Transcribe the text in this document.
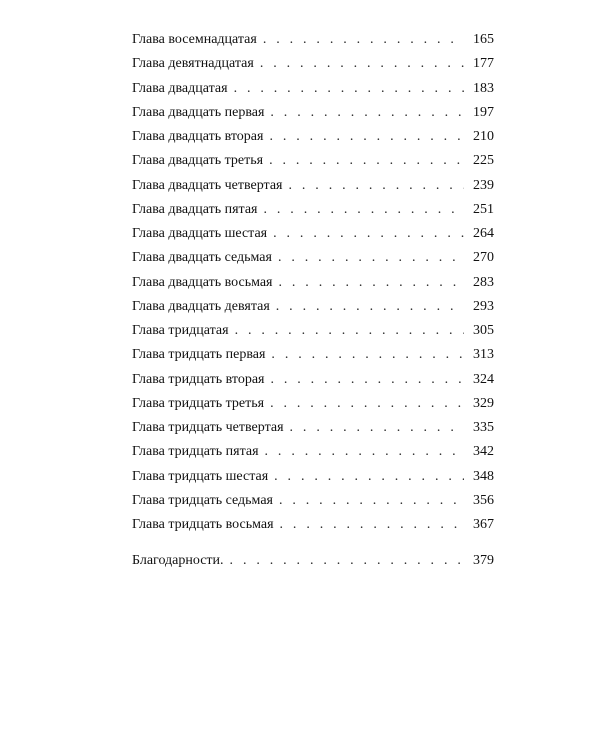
Глава восемнадцатая . . .	165
Глава девятнадцатая . . .	177
Глава двадцатая . . .	183
Глава двадцать первая . . .	197
Глава двадцать вторая . . .	210
Глава двадцать третья . . .	225
Глава двадцать четвертая . . .	239
Глава двадцать пятая . . .	251
Глава двадцать шестая . . .	264
Глава двадцать седьмая . . .	270
Глава двадцать восьмая . . .	283
Глава двадцать девятая . . .	293
Глава тридцатая . . .	305
Глава тридцать первая . . .	313
Глава тридцать вторая . . .	324
Глава тридцать третья . . .	329
Глава тридцать четвертая . . .	335
Глава тридцать пятая . . .	342
Глава тридцать шестая . . .	348
Глава тридцать седьмая . . .	356
Глава тридцать восьмая . . .	367
Благодарности. . . .	379
